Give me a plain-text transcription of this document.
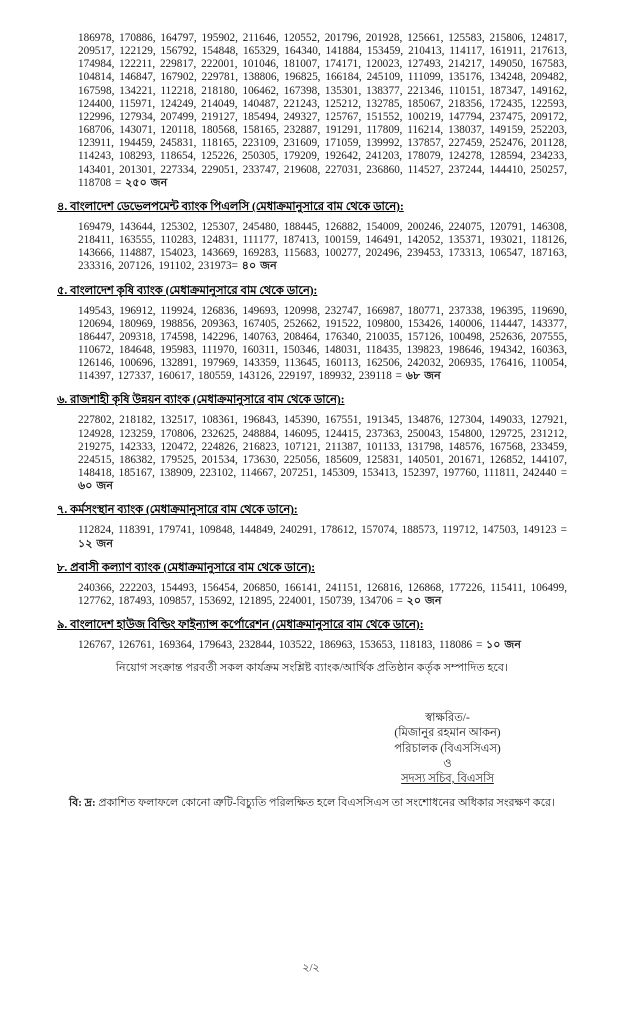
186978, 170886, 164797, 195902, 211646, 120552, 201796, 201928, 125661, 125583, 215806, 124817, 209517, 122129, 156792, 154848, 165329, 164340, 141884, 153459, 210413, 114117, 161911, 217613, 174984, 122211, 229817, 222001, 101046, 181007, 174171, 120023, 127493, 214217, 149050, 167583, 104814, 146847, 167902, 229781, 138806, 196825, 166184, 245109, 111099, 135176, 134248, 209482, 167598, 134221, 112218, 218180, 106462, 167398, 135301, 138377, 221346, 110151, 187347, 149162, 124400, 115971, 124249, 214049, 140487, 221243, 125212, 132785, 185067, 218356, 172435, 122593, 122996, 127934, 207499, 219127, 185494, 249327, 125767, 151552, 100219, 147794, 237475, 209172, 168706, 143071, 120118, 180568, 158165, 232887, 191291, 117809, 116214, 138037, 149159, 252203, 123911, 194459, 245831, 118165, 223109, 231609, 171059, 139992, 137857, 227459, 252476, 201128, 114243, 108293, 118654, 125226, 250305, 179209, 192642, 241203, 178079, 124278, 128594, 234233, 143401, 201301, 227334, 229051, 233747, 219608, 227031, 236860, 114527, 237244, 144410, 250257, 118708 = ২৫০ জন

৪. বাংলাদেশ ডেভেলপমেন্ট ব্যাংক পিএলসি (মেধাক্রমানুসারে বাম থেকে ডানে):

169479, 143644, 125302, 125307, 245480, 188445, 126882, 154009, 200246, 224075, 120791, 146308, 218411, 163555, 110283, 124831, 111177, 187413, 100159, 146491, 142052, 135371, 193021, 118126, 143666, 114887, 154023, 143669, 169283, 115683, 100277, 202496, 239453, 173313, 106547, 187163, 233316, 207126, 191102, 231973= ৪০ জন

৫. বাংলাদেশ কৃষি ব্যাংক (মেধাক্রমানুসারে বাম থেকে ডানে):

149543, 196912, 119924, 126836, 149693, 120998, 232747, 166987, 180771, 237338, 196395, 119690, 120694, 180969, 198856, 209363, 167405, 252662, 191522, 109800, 153426, 140006, 114447, 143377, 186447, 209318, 174598, 142296, 140763, 208464, 176340, 210035, 157126, 100498, 252636, 207555, 110672, 184648, 195983, 111970, 160311, 150346, 148031, 118435, 139823, 198646, 194342, 160363, 126146, 100696, 132891, 197969, 143359, 113645, 160113, 162506, 242032, 206935, 176416, 110054, 114397, 127337, 160617, 180559, 143126, 229197, 189932, 239118 = ৬৮ জন

৬. রাজশাহী কৃষি উন্নয়ন ব্যাংক (মেধাক্রমানুসারে বাম থেকে ডানে):

227802, 218182, 132517, 108361, 196843, 145390, 167551, 191345, 134876, 127304, 149033, 127921, 124928, 123259, 170806, 232625, 248884, 146095, 124415, 237363, 250043, 154800, 129725, 231212, 219275, 142333, 120472, 224826, 216823, 107121, 211387, 101133, 131798, 148576, 167568, 233459, 224515, 186382, 179525, 201534, 173630, 225056, 185609, 125831, 140501, 201671, 126852, 144107, 148418, 185167, 138909, 223102, 114667, 207251, 145309, 153413, 152397, 197760, 111811, 242440 = ৬০ জন

৭. কর্মসংস্থান ব্যাংক (মেধাক্রমানুসারে বাম থেকে ডানে):

112824, 118391, 179741, 109848, 144849, 240291, 178612, 157074, 188573, 119712, 147503, 149123 = ১২ জন

৮. প্রবাসী কল্যাণ ব্যাংক (মেধাক্রমানুসারে বাম থেকে ডানে):

240366, 222203, 154493, 156454, 206850, 166141, 241151, 126816, 126868, 177226, 115411, 106499, 127762, 187493, 109857, 153692, 121895, 224001, 150739, 134706 = ২০ জন

৯. বাংলাদেশ হাউজ বিল্ডিং ফাইন্যান্স কর্পোরেশন (মেধাক্রমানুসারে বাম থেকে ডানে):

126767, 126761, 169364, 179643, 232844, 103522, 186963, 153653, 118183, 118086 = ১০ জন

নিয়োগ সংক্রান্ত পরবর্তী সকল কার্যক্রম সংশ্লিষ্ট ব্যাংক/আর্থিক প্রতিষ্ঠান কর্তৃক সম্পাদিত হবে।

স্বাক্ষরিত/-
(মিজানুর রহমান আকন)
পরিচালক (বিএসসিএস)
ও
সদস্য সচিব, বিএসসি

বি: দ্র: প্রকাশিত ফলাফলে কোনো ত্রুটি-বিচ্যুতি পরিলক্ষিত হলে বিএসসিএস তা সংশোধনের অধিকার সংরক্ষণ করে।

২/২
